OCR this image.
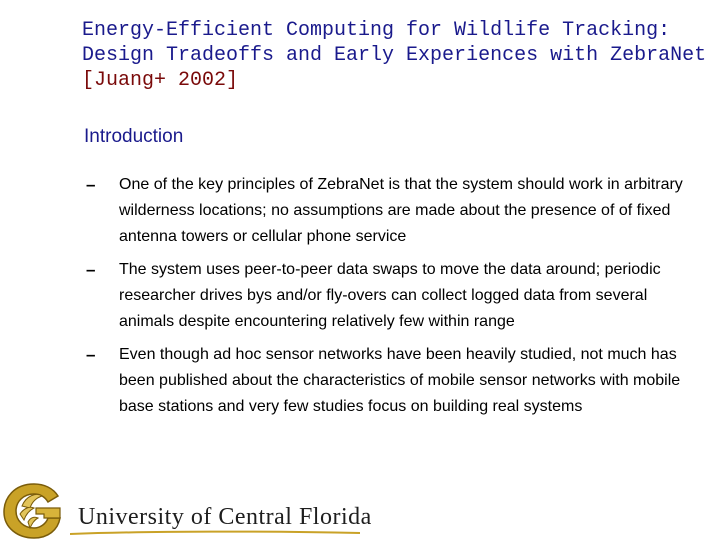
Energy-Efficient Computing for Wildlife Tracking:
Design Tradeoffs and Early Experiences with ZebraNet
[Juang+ 2002]
Introduction
–	One of the key principles of ZebraNet is that the system should work in arbitrary wilderness locations; no assumptions are made about the presence of of fixed antenna towers or cellular phone service
–	The system uses peer-to-peer data swaps to move the data around; periodic researcher drives bys and/or fly-overs can collect logged data from several animals despite encountering relatively few within range
–	Even though ad hoc sensor networks have been heavily studied, not much has been published about the characteristics of mobile sensor networks with mobile base stations and very few studies focus on building real systems
University of Central Florida
